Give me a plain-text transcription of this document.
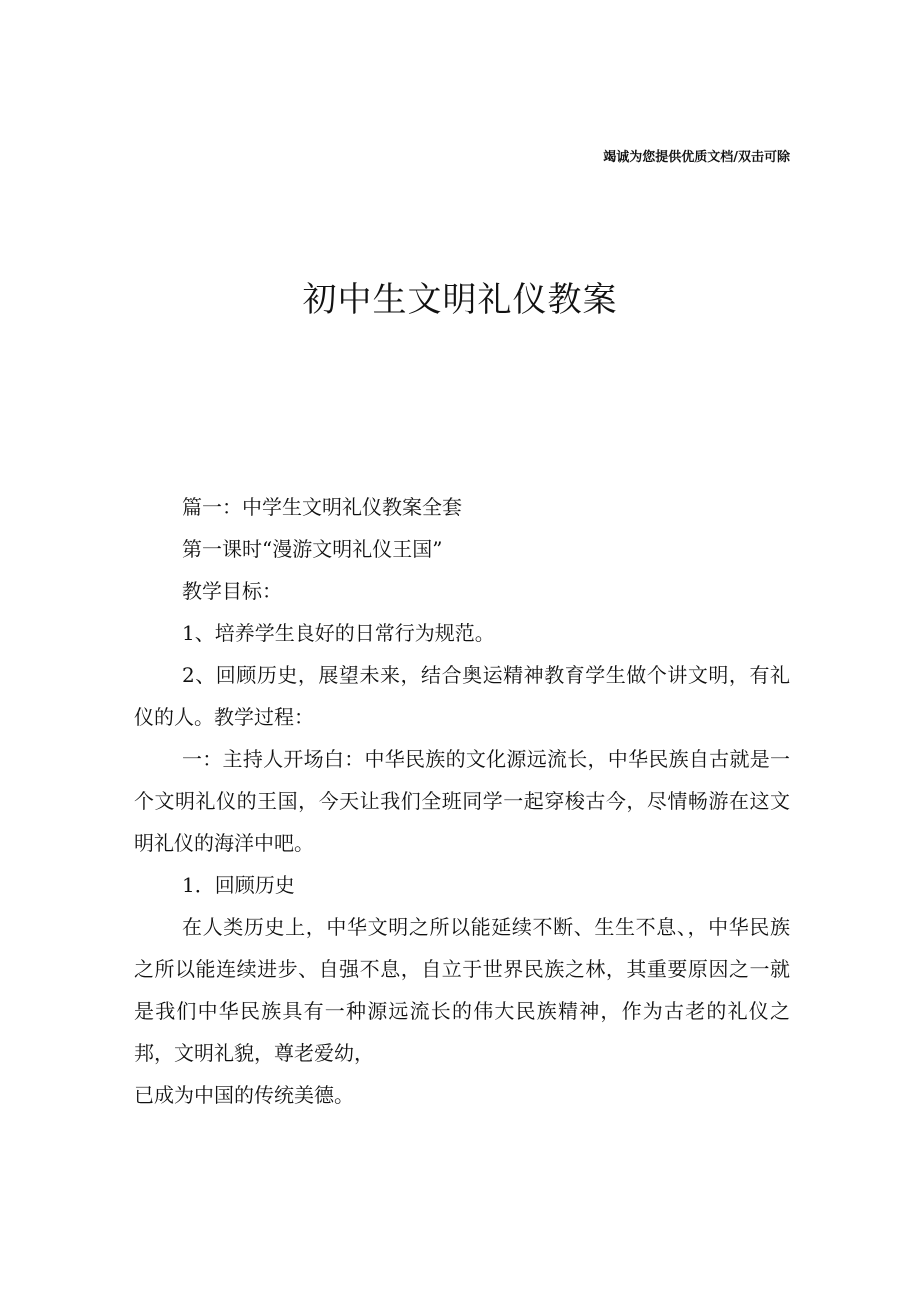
竭诚为您提供优质文档/双击可除
初中生文明礼仪教案

篇一：中学生文明礼仪教案全套

第一课时“漫游文明礼仪王国”

教学目标：

1、培养学生良好的日常行为规范。

2、回顾历史，展望未来，结合奥运精神教育学生做个讲文明，有礼仪的人。教学过程：

一：主持人开场白：中华民族的文化源远流长，中华民族自古就是一个文明礼仪的王国，今天让我们全班同学一起穿梭古今，尽情畅游在这文明礼仪的海洋中吧。

1．回顾历史

在人类历史上，中华文明之所以能延续不断、生生不息、，中华民族之所以能连续进步、自强不息，自立于世界民族之林，其重要原因之一就是我们中华民族具有一种源远流长的伟大民族精神，作为古老的礼仪之邦，文明礼貌，尊老爱幼，

已成为中国的传统美德。
